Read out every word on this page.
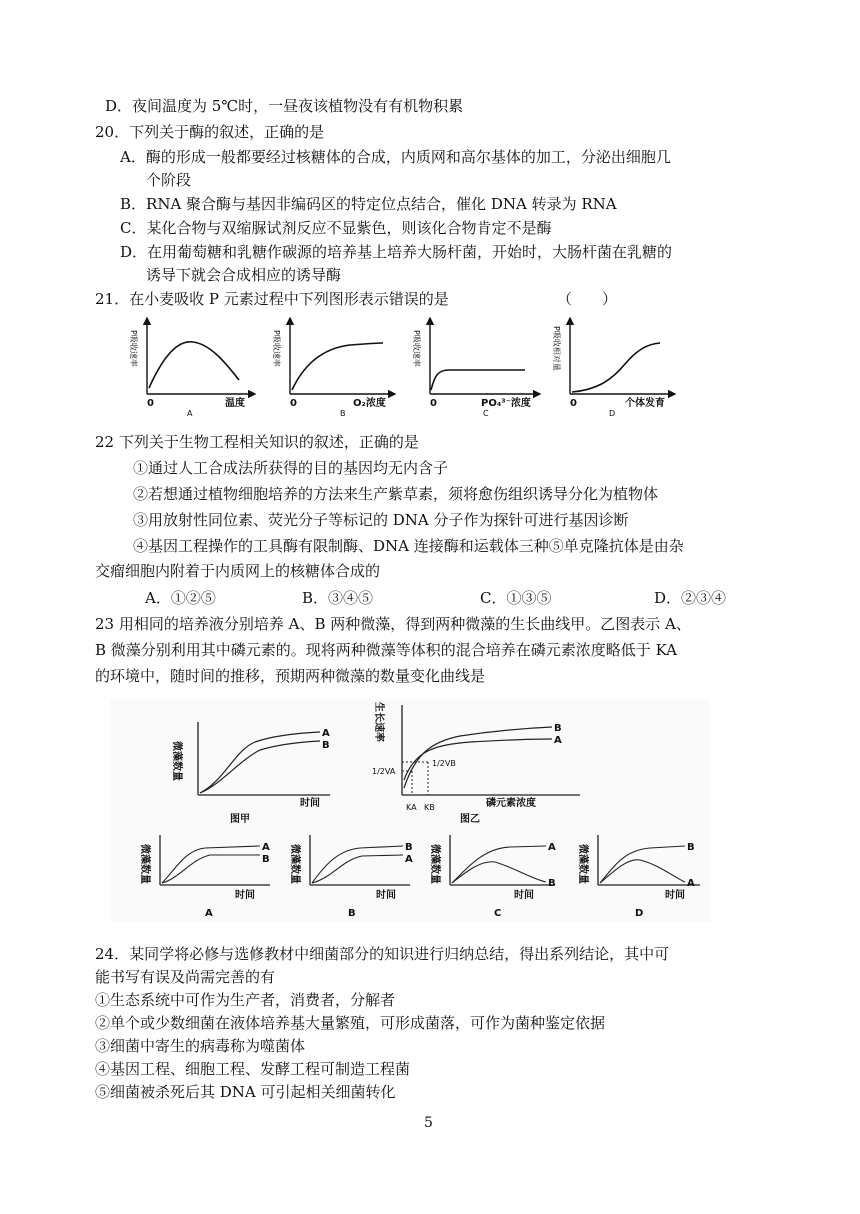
D．夜间温度为 5℃时，一昼夜该植物没有有机物积累
20．下列关于酶的叙述，正确的是
A．酶的形成一般都要经过核糖体的合成，内质网和高尔基体的加工，分泌出细胞几
个阶段
B．RNA 聚合酶与基因非编码区的特定位点结合，催化 DNA 转录为 RNA
C．某化合物与双缩脲试剂反应不显紫色，则该化合物肯定不是酶
D．在用葡萄糖和乳糖作碳源的培养基上培养大肠杆菌，开始时，大肠杆菌在乳糖的
诱导下就会合成相应的诱导酶
21．在小麦吸收 P 元素过程中下列图形表示错误的是	（　　）
P吸收速率
0	温度
A
P吸收速率
0	O₂浓度
B
P吸收速率
0	PO₄³⁻浓度
C
P吸收相对量
0	个体发育
D
22 下列关于生物工程相关知识的叙述，正确的是
①通过人工合成法所获得的目的基因均无内含子
②若想通过植物细胞培养的方法来生产紫草素，须将愈伤组织诱导分化为植物体
③用放射性同位素、荧光分子等标记的 DNA 分子作为探针可进行基因诊断
④基因工程操作的工具酶有限制酶、DNA 连接酶和运载体三种⑤单克隆抗体是由杂
交瘤细胞内附着于内质网上的核糖体合成的
A．①②⑤	B．③④⑤	C．①③⑤	D．②③④
23 用相同的培养液分别培养 A、B 两种微藻，得到两种微藻的生长曲线甲。乙图表示 A、
B 微藻分别利用其中磷元素的。现将两种微藻等体积的混合培养在磷元素浓度略低于 KA
的环境中，随时间的推移，预期两种微藻的数量变化曲线是
A
B
微藻数量
时间
图甲
B
A
生长速率
1/2VA
1/2VB
KA KB	磷元素浓度
图乙
A
B
微藻数量
时间
A
B
A
微藻数量
时间
B
A
B
微藻数量
时间
C
B
A
微藻数量
时间
D
24．某同学将必修与选修教材中细菌部分的知识进行归纳总结，得出系列结论，其中可
能书写有误及尚需完善的有
①生态系统中可作为生产者，消费者，分解者
②单个或少数细菌在液体培养基大量繁殖，可形成菌落，可作为菌种鉴定依据
③细菌中寄生的病毒称为噬菌体
④基因工程、细胞工程、发酵工程可制造工程菌
⑤细菌被杀死后其 DNA 可引起相关细菌转化
5
